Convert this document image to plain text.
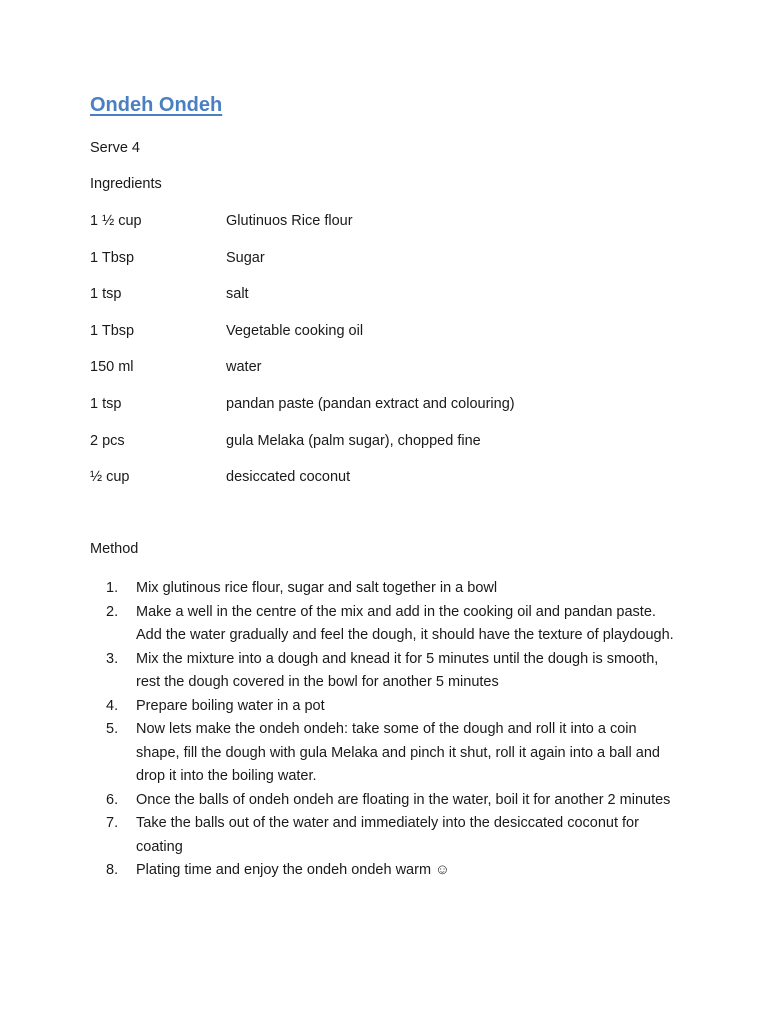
Ondeh Ondeh
Serve 4
Ingredients
1 ½ cup	Glutinuos Rice flour
1 Tbsp	Sugar
1 tsp	salt
1 Tbsp	Vegetable cooking oil
150 ml	water
1 tsp	pandan paste (pandan extract and colouring)
2 pcs	gula Melaka (palm sugar), chopped fine
½ cup	desiccated coconut
Method
1.	Mix glutinous rice flour, sugar and salt together in a bowl
2.	Make a well in the centre of the mix and add in the cooking oil and pandan paste. Add the water gradually and feel the dough, it should have the texture of playdough.
3.	Mix the mixture into a dough and knead it for 5 minutes until the dough is smooth, rest the dough covered in the bowl for another 5 minutes
4.	Prepare boiling water in a pot
5.	Now lets make the ondeh ondeh: take some of the dough and roll it into a coin shape, fill the dough with gula Melaka and pinch it shut, roll it again into a ball and drop it into the boiling water.
6.	Once the balls of ondeh ondeh are floating in the water, boil it for another 2 minutes
7.	Take the balls out of the water and immediately into the desiccated coconut for coating
8.	Plating time and enjoy the ondeh ondeh warm ☺
